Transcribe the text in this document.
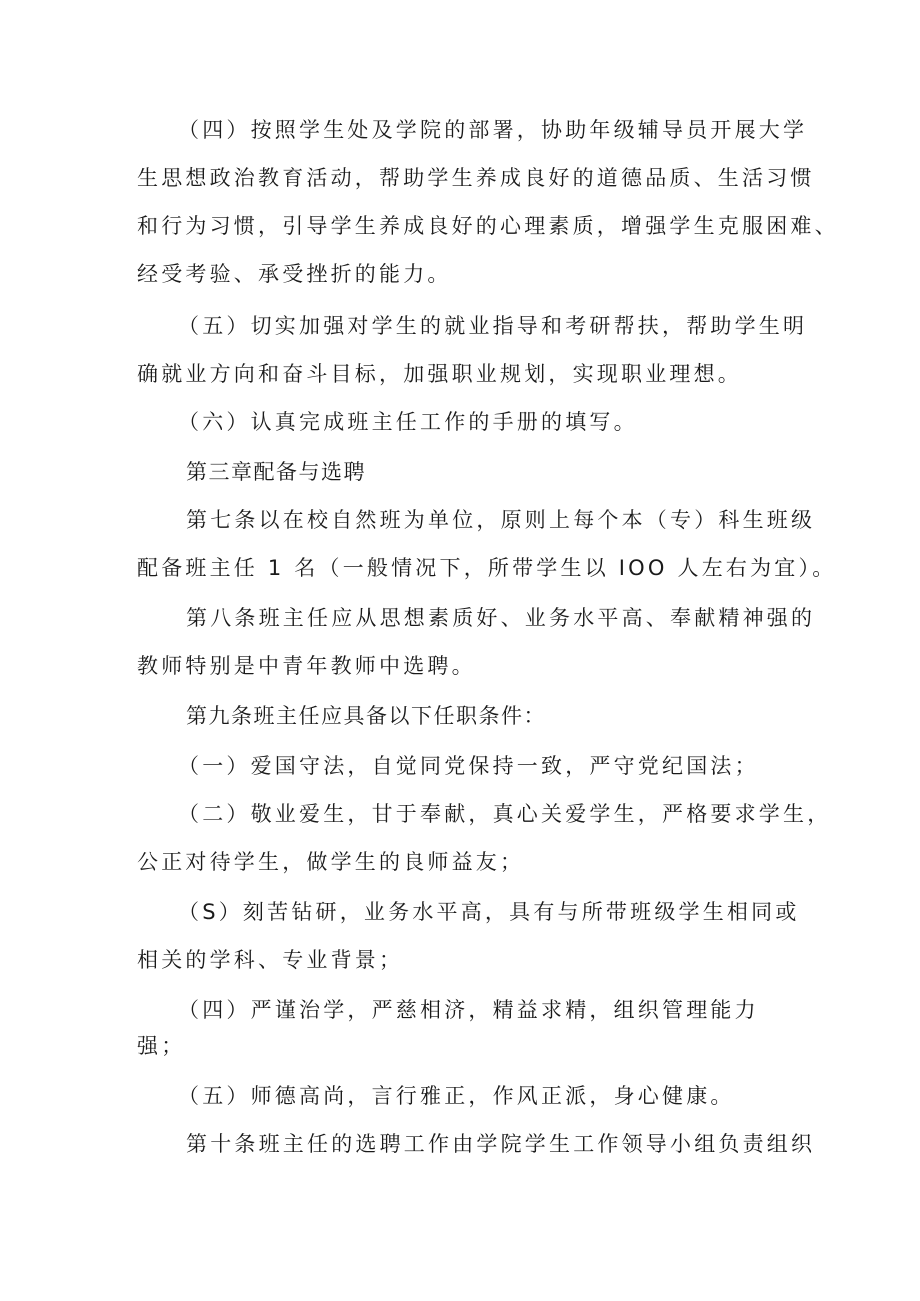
（四）按照学生处及学院的部署，协助年级辅导员开展大学
生思想政治教育活动，帮助学生养成良好的道德品质、生活习惯
和行为习惯，引导学生养成良好的心理素质，增强学生克服困难、
经受考验、承受挫折的能力。
（五）切实加强对学生的就业指导和考研帮扶，帮助学生明
确就业方向和奋斗目标，加强职业规划，实现职业理想。
（六）认真完成班主任工作的手册的填写。
第三章配备与选聘
第七条以在校自然班为单位，原则上每个本（专）科生班级
配备班主任 1 名（一般情况下，所带学生以 IOO 人左右为宜）。
第八条班主任应从思想素质好、业务水平高、奉献精神强的
教师特别是中青年教师中选聘。
第九条班主任应具备以下任职条件：
（一）爱国守法，自觉同党保持一致，严守党纪国法；
（二）敬业爱生，甘于奉献，真心关爱学生，严格要求学生，
公正对待学生，做学生的良师益友；
（S）刻苦钻研，业务水平高，具有与所带班级学生相同或
相关的学科、专业背景；
（四）严谨治学，严慈相济，精益求精，组织管理能力
强；
（五）师德高尚，言行雅正，作风正派，身心健康。
第十条班主任的选聘工作由学院学生工作领导小组负责组织
